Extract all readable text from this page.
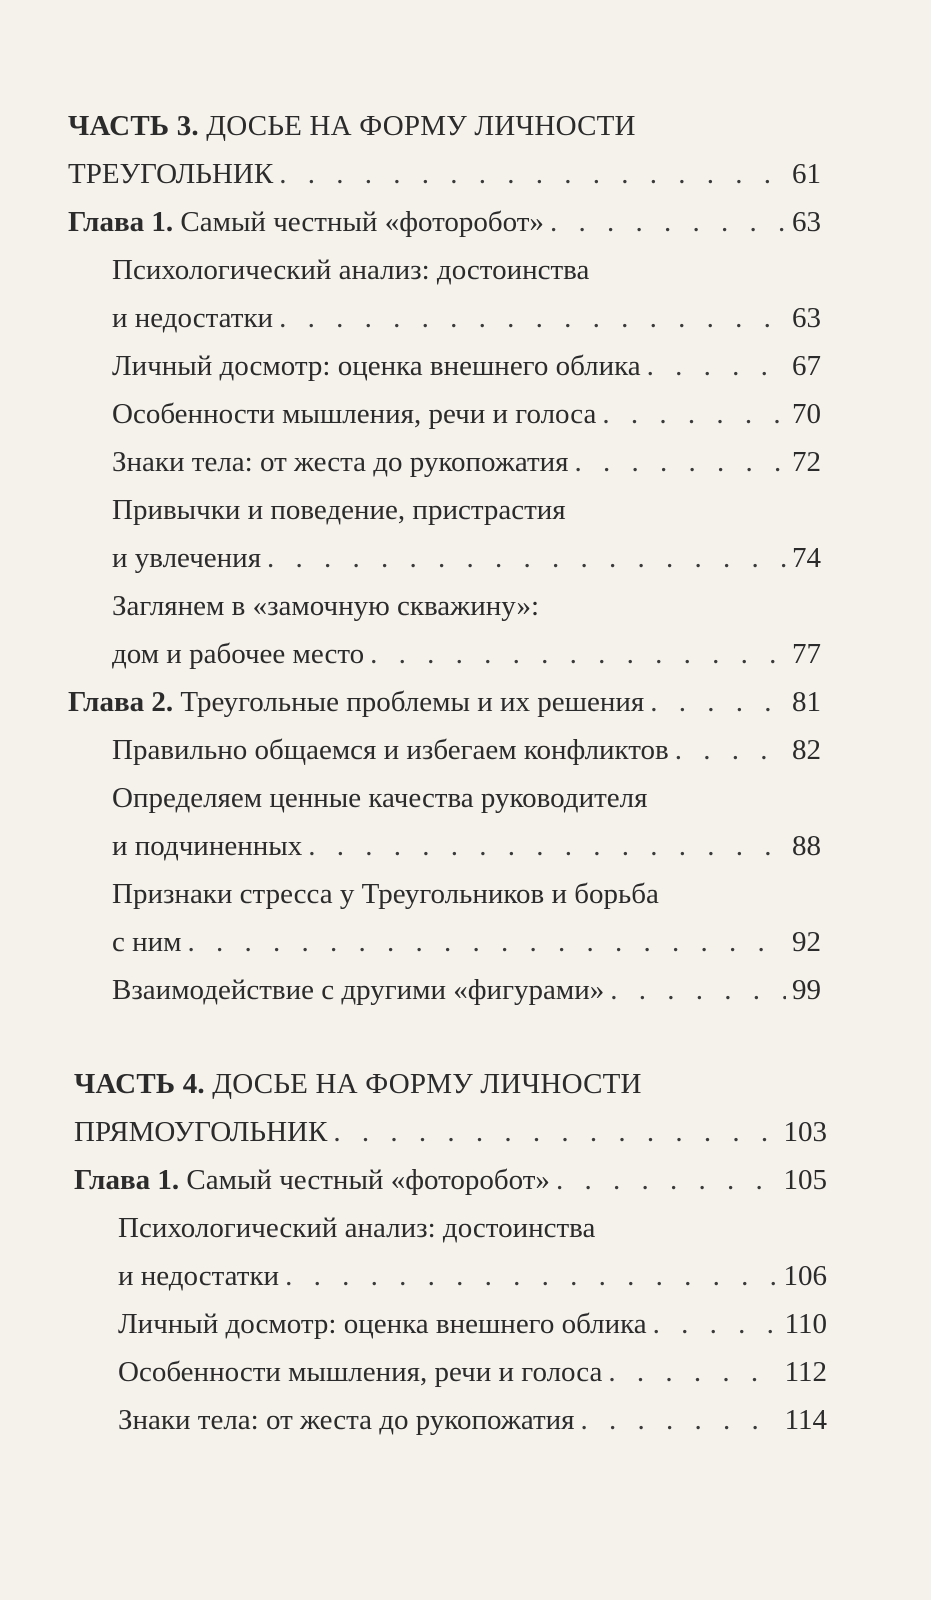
ЧАСТЬ 3. ДОСЬЕ НА ФОРМУ ЛИЧНОСТИ
ТРЕУГОЛЬНИК . . .	61
Глава 1. Самый честный «фоторобот» . . .	63
Психологический анализ: достоинства
и недостатки . . .	63
Личный досмотр: оценка внешнего облика . . .	67
Особенности мышления, речи и голоса . . .	70
Знаки тела: от жеста до рукопожатия . . .	72
Привычки и поведение, пристрастия
и увлечения . . .	74
Заглянем в «замочную скважину»:
дом и рабочее место . . .	77
Глава 2. Треугольные проблемы и их решения . . .	81
Правильно общаемся и избегаем конфликтов . . .	82
Определяем ценные качества руководителя
и подчиненных . . .	88
Признаки стресса у Треугольников и борьба
с ним . . .	92
Взаимодействие с другими «фигурами» . . .	99
ЧАСТЬ 4. ДОСЬЕ НА ФОРМУ ЛИЧНОСТИ
ПРЯМОУГОЛЬНИК . . .	103
Глава 1. Самый честный «фоторобот» . . .	105
Психологический анализ: достоинства
и недостатки . . .	106
Личный досмотр: оценка внешнего облика . . .	110
Особенности мышления, речи и голоса . . .	112
Знаки тела: от жеста до рукопожатия . . .	114
